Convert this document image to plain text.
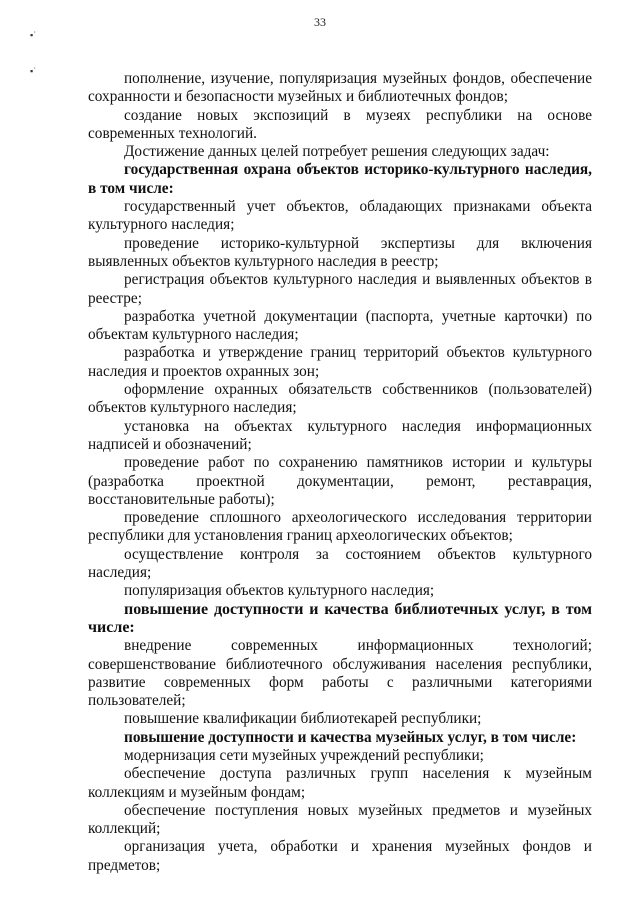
▪˙
▪˙
33

пополнение, изучение, популяризация музейных фондов, обеспечение сохранности и безопасности музейных и библиотечных фондов;

создание новых экспозиций в музеях республики на основе современных технологий.

Достижение данных целей потребует решения следующих задач:

государственная охрана объектов историко-культурного наследия, в том числе:

государственный учет объектов, обладающих признаками объекта культурного наследия;

проведение историко-культурной экспертизы для включения выявленных объектов культурного наследия в реестр;

регистрация объектов культурного наследия и выявленных объектов в реестре;

разработка учетной документации (паспорта, учетные карточки) по объектам культурного наследия;

разработка и утверждение границ территорий объектов культурного наследия и проектов охранных зон;

оформление охранных обязательств собственников (пользователей) объектов культурного наследия;

установка на объектах культурного наследия информационных надписей и обозначений;

проведение работ по сохранению памятников истории и культуры (разработка проектной документации, ремонт, реставрация, восстановительные работы);

проведение сплошного археологического исследования территории республики для установления границ археологических объектов;

осуществление контроля за состоянием объектов культурного наследия;

популяризация объектов культурного наследия;

повышение доступности и качества библиотечных услуг, в том числе:

внедрение современных информационных технологий; совершенствование библиотечного обслуживания населения республики, развитие современных форм работы с различными категориями пользователей;

повышение квалификации библиотекарей республики;

повышение доступности и качества музейных услуг, в том числе:

модернизация сети музейных учреждений республики;

обеспечение доступа различных групп населения к музейным коллекциям и музейным фондам;

обеспечение поступления новых музейных предметов и музейных коллекций;

организация учета, обработки и хранения музейных фондов и предметов;
